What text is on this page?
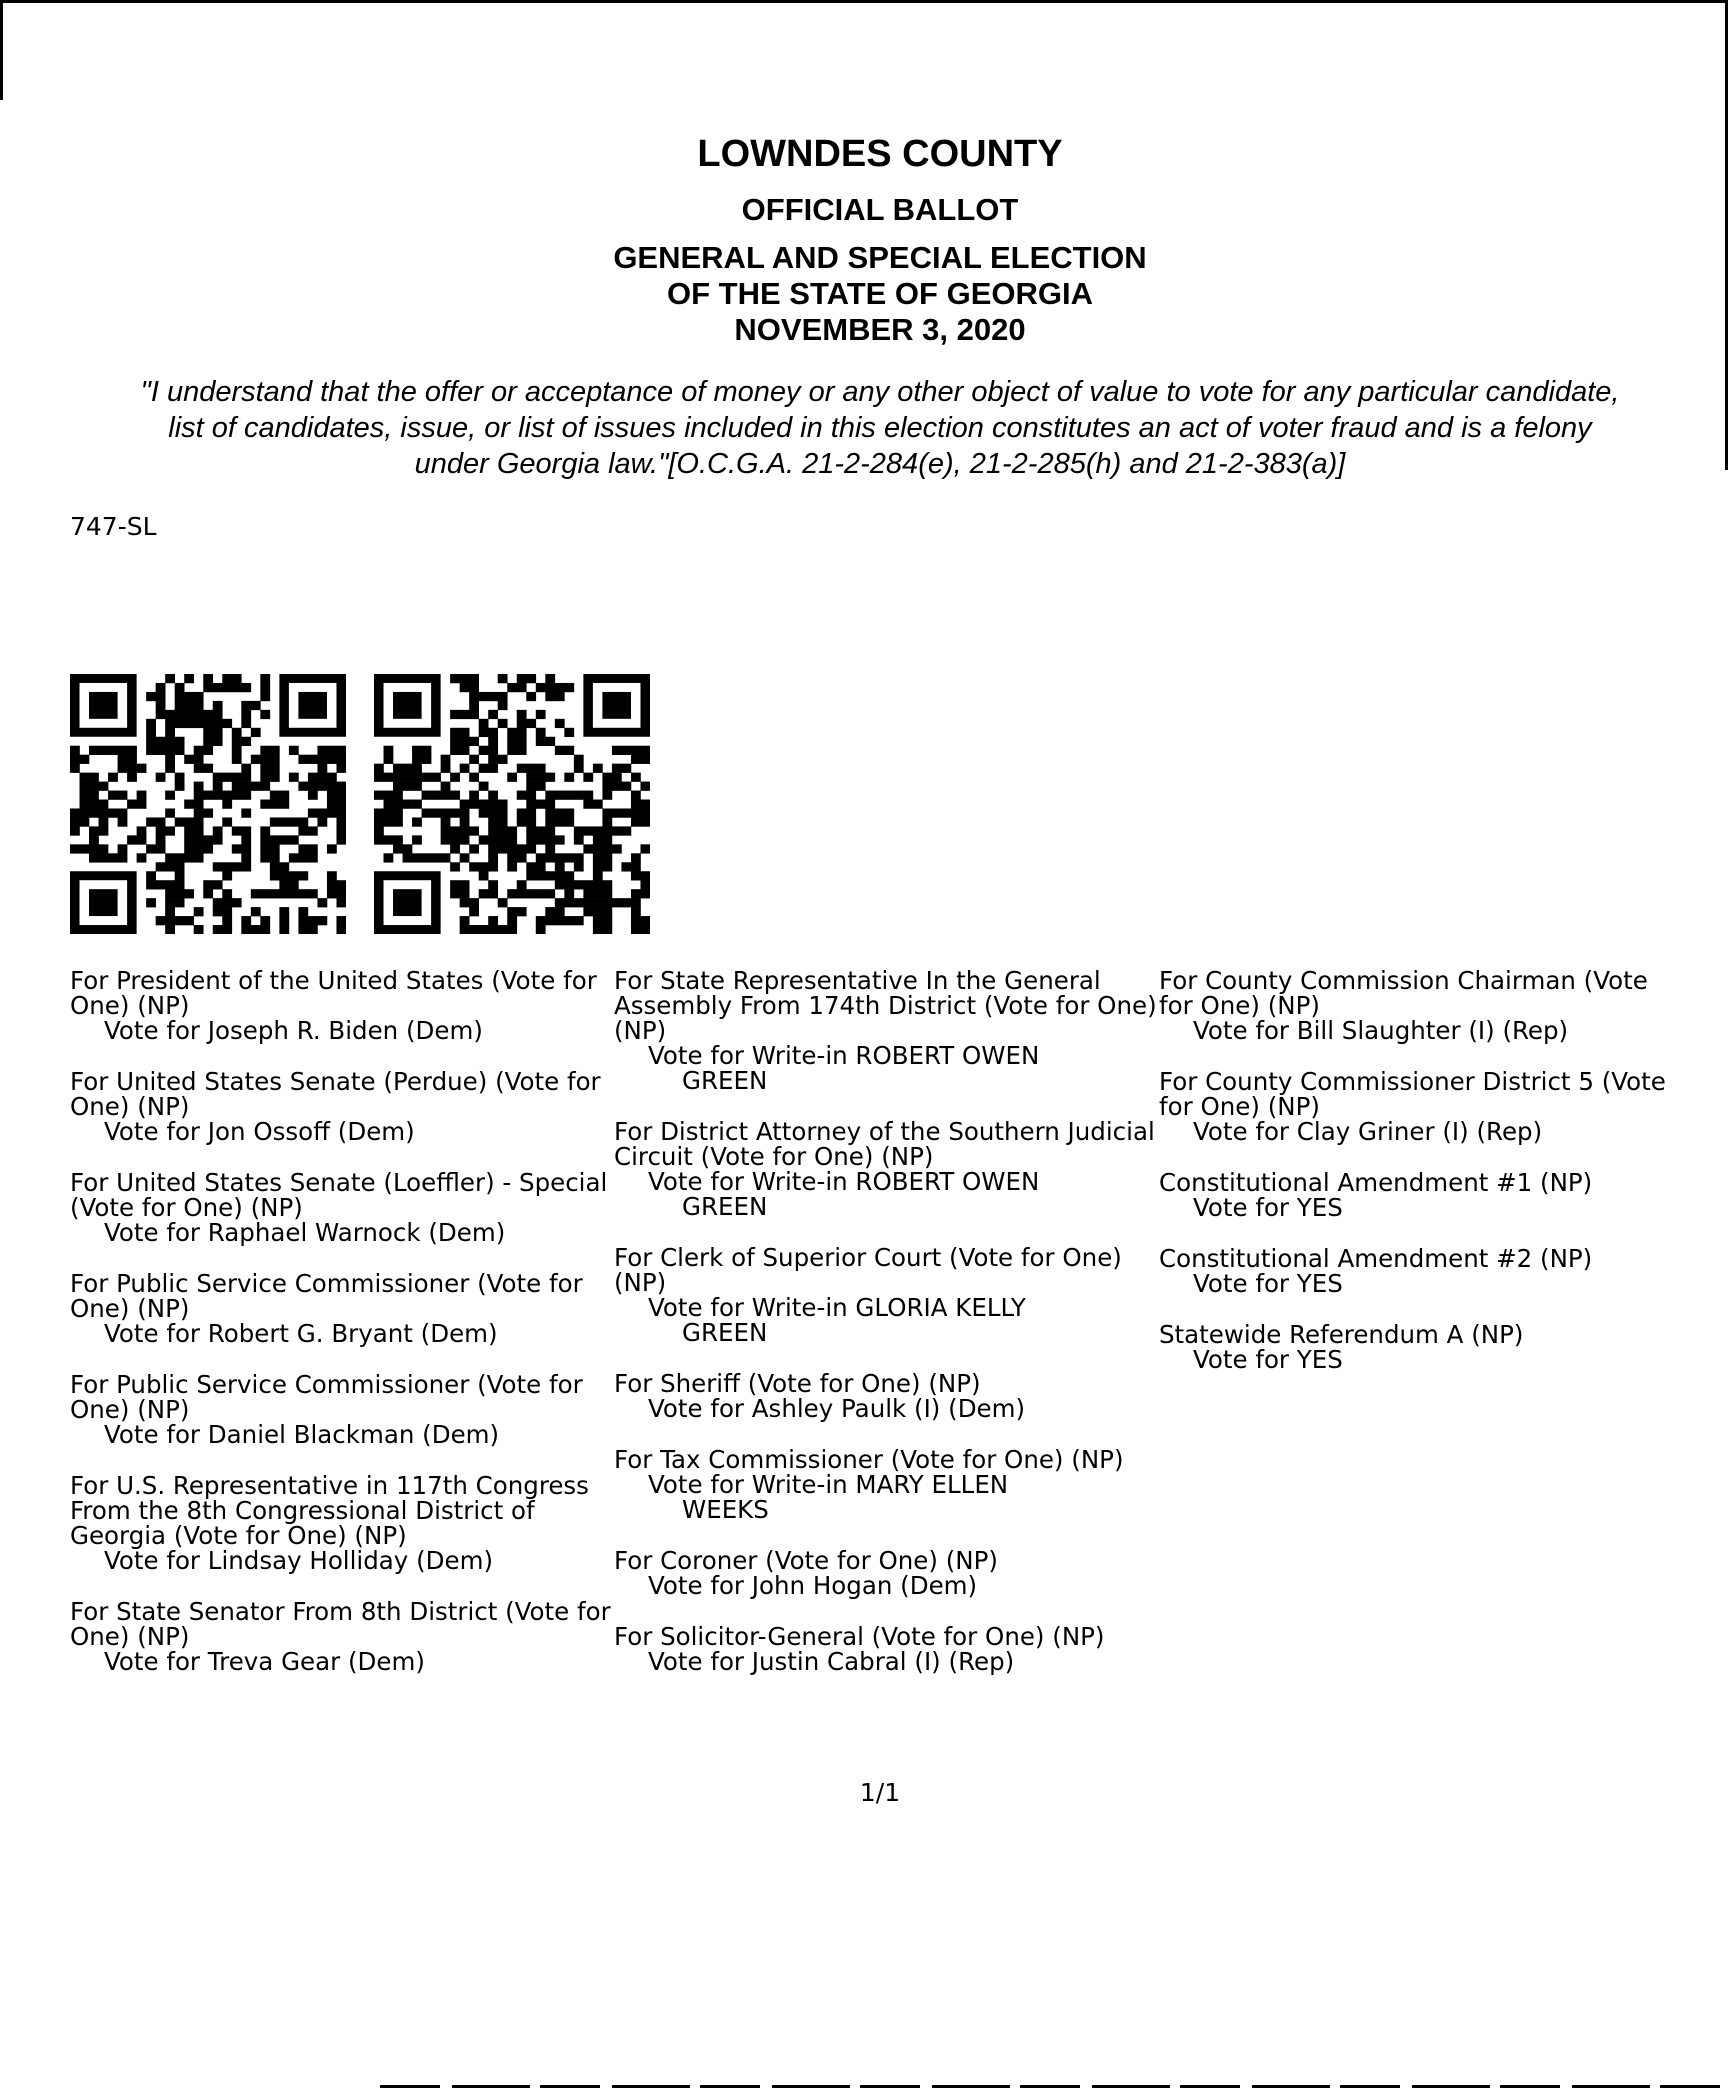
LOWNDES COUNTY
OFFICIAL BALLOT
GENERAL AND SPECIAL ELECTION
OF THE STATE OF GEORGIA
NOVEMBER 3, 2020
"I understand that the offer or acceptance of money or any other object of value to vote for any particular candidate,
list of candidates, issue, or list of issues included in this election constitutes an act of voter fraud and is a felony
under Georgia law."[O.C.G.A. 21-2-284(e), 21-2-285(h) and 21-2-383(a)]
747-SL
For President of the United States (Vote for One) (NP)
Vote for Joseph R. Biden (Dem)
For United States Senate (Perdue) (Vote for One) (NP)
Vote for Jon Ossoff (Dem)
For United States Senate (Loeffler) - Special (Vote for One) (NP)
Vote for Raphael Warnock (Dem)
For Public Service Commissioner (Vote for One) (NP)
Vote for Robert G. Bryant (Dem)
For Public Service Commissioner (Vote for One) (NP)
Vote for Daniel Blackman (Dem)
For U.S. Representative in 117th Congress From the 8th Congressional District of Georgia (Vote for One) (NP)
Vote for Lindsay Holliday (Dem)
For State Senator From 8th District (Vote for One) (NP)
Vote for Treva Gear (Dem)
For State Representative In the General Assembly From 174th District (Vote for One) (NP)
Vote for Write-in ROBERT OWEN
GREEN
For District Attorney of the Southern Judicial Circuit (Vote for One) (NP)
Vote for Write-in ROBERT OWEN
GREEN
For Clerk of Superior Court (Vote for One) (NP)
Vote for Write-in GLORIA KELLY
GREEN
For Sheriff (Vote for One) (NP)
Vote for Ashley Paulk (I) (Dem)
For Tax Commissioner (Vote for One) (NP)
Vote for Write-in MARY ELLEN
WEEKS
For Coroner (Vote for One) (NP)
Vote for John Hogan (Dem)
For Solicitor-General (Vote for One) (NP)
Vote for Justin Cabral (I) (Rep)
For County Commission Chairman (Vote for One) (NP)
Vote for Bill Slaughter (I) (Rep)
For County Commissioner District 5 (Vote for One) (NP)
Vote for Clay Griner (I) (Rep)
Constitutional Amendment #1 (NP)
Vote for YES
Constitutional Amendment #2 (NP)
Vote for YES
Statewide Referendum A (NP)
Vote for YES
1/1
